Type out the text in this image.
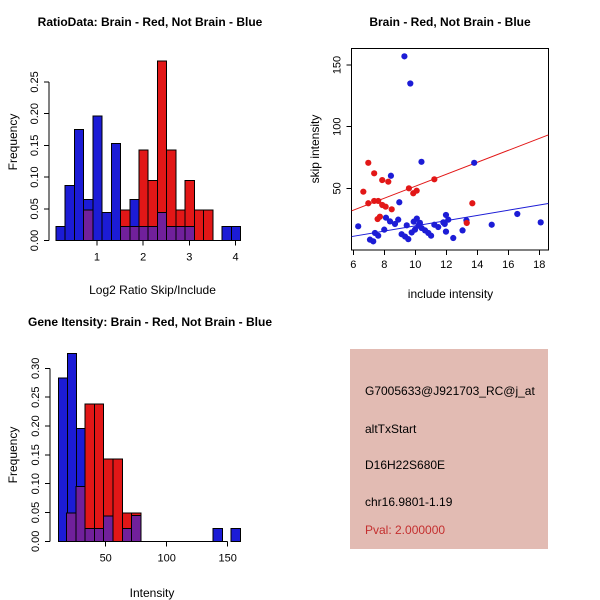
RatioData: Brain - Red, Not Brain - Blue
0.00
0.05
0.10
0.15
0.20
0.25
1	2	3	4
Log2 Ratio Skip/Include
Frequency
Brain - Red, Not Brain - Blue
6 8 10 12 14 16 18
50
100
150
include intensity
skip intensity
Gene Itensity: Brain - Red, Not Brain - Blue
0.00
0.05
0.10
0.15
0.20
0.25
0.30
50	100	150
Intensity
Frequency
G7005633@J921703_RC@j_at
altTxStart
D16H22S680E
chr16.9801-1.19
Pval: 2.000000
